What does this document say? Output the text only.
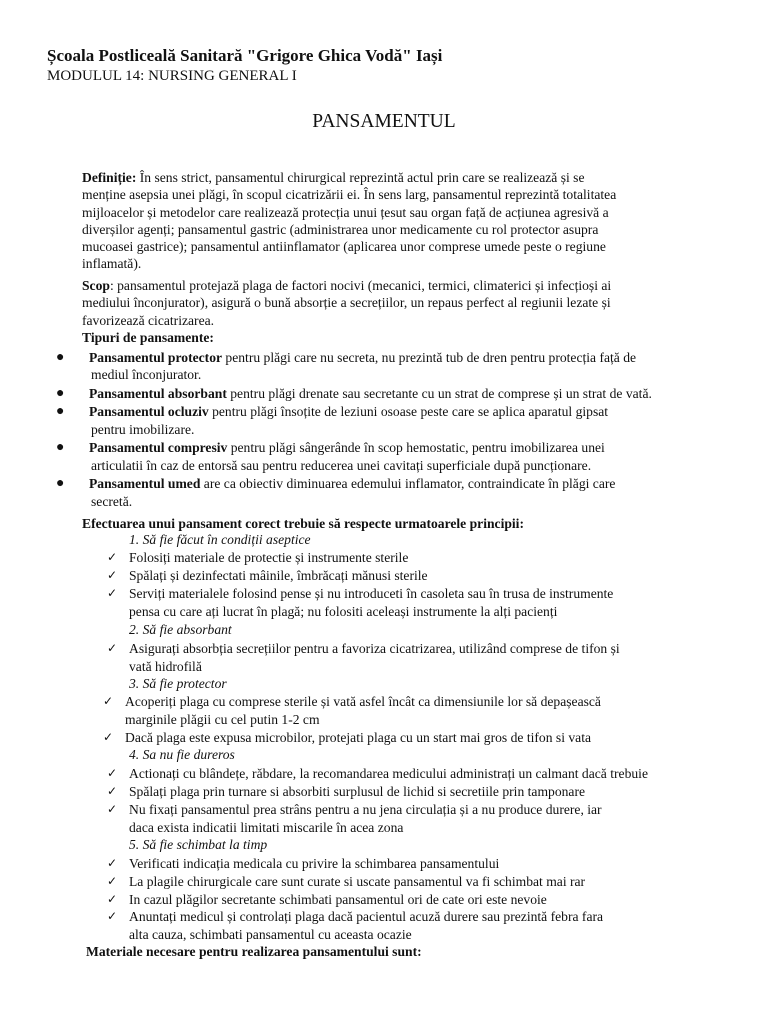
Școala Postliceală Sanitară "Grigore Ghica Vodă" Iași
MODULUL 14: NURSING GENERAL I
PANSAMENTUL
Definiție: În sens strict, pansamentul chirurgical reprezintă actul prin care se realizează și se
menține asepsia unei plăgi, în scopul cicatrizării ei. În sens larg, pansamentul reprezintă totalitatea
mijloacelor și metodelor care realizează protecția unui țesut sau organ față de acțiunea agresivă a
diverșilor agenți; pansamentul gastric (administrarea unor medicamente cu rol protector asupra
mucoasei gastrice); pansamentul antiinflamator (aplicarea unor comprese umede peste o regiune
inflamată).
Scop: pansamentul protejază plaga de factori nocivi (mecanici, termici, climaterici și infecțioși ai
mediului înconjurator), asigură o bună absorție a secrețiilor, un repaus perfect al regiunii lezate și
favorizează cicatrizarea.
Tipuri de pansamente:
● Pansamentul protector pentru plăgi care nu secreta, nu prezintă tub de dren pentru protecția față de
mediul înconjurator.
● Pansamentul absorbant pentru plăgi drenate sau secretante cu un strat de comprese și un strat de vată.
● Pansamentul ocluziv pentru plăgi însoțite de leziuni osoase peste care se aplica aparatul gipsat
pentru imobilizare.
● Pansamentul compresiv pentru plăgi sângerânde în scop hemostatic, pentru imobilizarea unei
articulatii în caz de entorsă sau pentru reducerea unei cavitați superficiale după puncționare.
● Pansamentul umed are ca obiectiv diminuarea edemului inflamator, contraindicate în plăgi care
secretă.
Efectuarea unui pansament corect trebuie să respecte urmatoarele principii:
1. Să fie făcut în condiții aseptice
✓ Folosiți materiale de protectie și instrumente sterile
✓ Spălați și dezinfectati mâinile, îmbrăcați mănusi sterile
✓ Serviți materialele folosind pense și nu introduceti în casoleta sau în trusa de instrumente
pensa cu care ați lucrat în plagă; nu folositi aceleași instrumente la alți pacienți
2. Să fie absorbant
✓ Asigurați absorbția secrețiilor pentru a favoriza cicatrizarea, utilizând comprese de tifon și
vată hidrofilă
3. Să fie protector
✓ Acoperiți plaga cu comprese sterile și vată asfel încât ca dimensiunile lor să depașească
marginile plăgii cu cel putin 1-2 cm
✓ Dacă plaga este expusa microbilor, protejati plaga cu un start mai gros de tifon si vata
4. Sa nu fie dureros
✓ Actionați cu blândețe, răbdare, la recomandarea medicului administrați un calmant dacă trebuie
✓ Spălați plaga prin turnare si absorbiti surplusul de lichid si secretiile prin tamponare
✓ Nu fixați pansamentul prea strâns pentru a nu jena circulația și a nu produce durere, iar
daca exista indicatii limitati miscarile în acea zona
5. Să fie schimbat la timp
✓ Verificati indicația medicala cu privire la schimbarea pansamentului
✓ La plagile chirurgicale care sunt curate si uscate pansamentul va fi schimbat mai rar
✓ In cazul plăgilor secretante schimbati pansamentul ori de cate ori este nevoie
✓ Anuntați medicul și controlați plaga dacă pacientul acuză durere sau prezintă febra fara
alta cauza, schimbati pansamentul cu aceasta ocazie
Materiale necesare pentru realizarea pansamentului sunt:
